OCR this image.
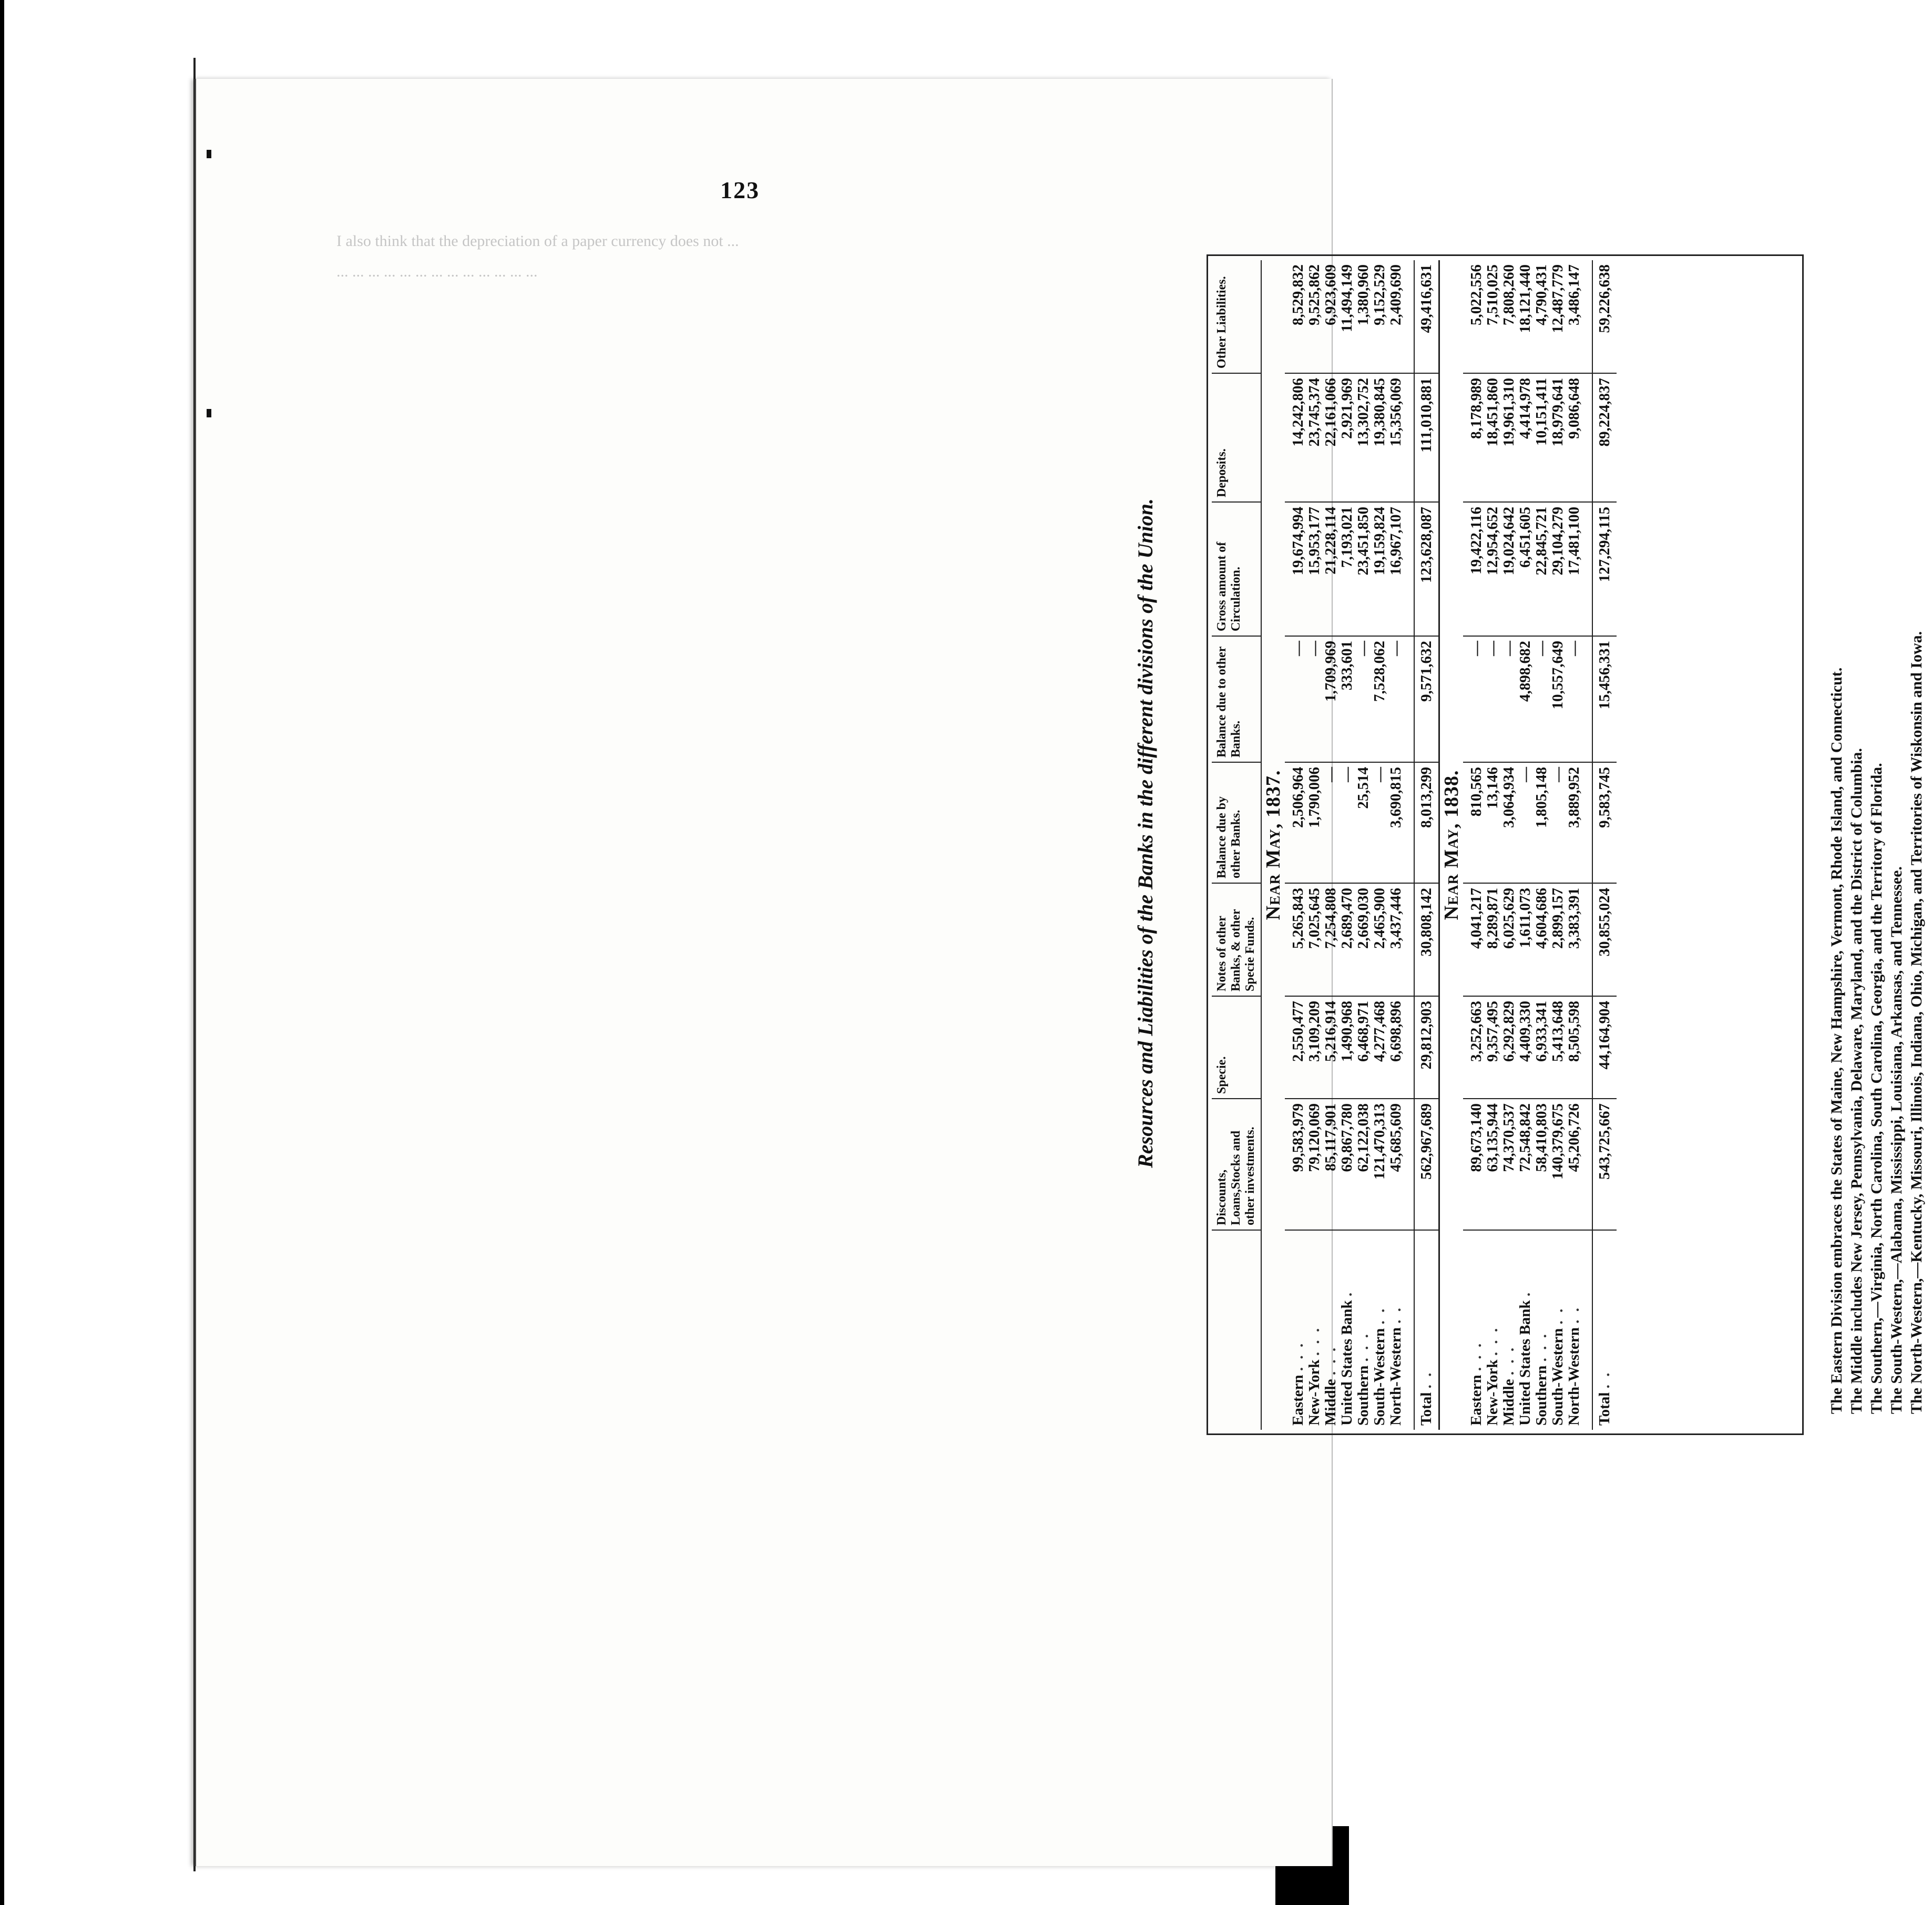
123
I also think that the depreciation of a paper currency does not ...
... ... ... ... ... ... ... ... ... ... ... ... ...
Resources and Liabilities of the Banks in the different divisions of the Union.
	Discounts, Loans,Stocks and other investments.	Specie.	Notes of other Banks, & other Specie Funds.	Balance due by other Banks.	Balance due to other Banks.	Gross amount of Circulation.	Deposits.	Other Liabilities.
Near May, 1837.								
Eastern . . .	99,583,979	2,550,477	5,265,843	2,506,964	—	19,674,994	14,242,806	8,529,832
New-York . . .	79,120,069	3,109,209	7,025,645	1,790,006	—	15,953,177	23,745,374	9,525,862
Middle . . .	85,117,901	5,216,914	7,254,808	—	1,709,969	21,228,114	22,161,066	6,923,609
United States Bank .	69,867,780	1,490,968	2,689,470	—	333,601	7,193,021	2,921,969	11,494,149
Southern . . .	62,122,038	6,468,971	2,669,030	25,514	—	23,451,850	13,302,752	1,380,960
South-Western . .	121,470,313	4,277,468	2,465,900	—	7,528,062	19,159,824	19,380,845	9,152,529
North-Western . .	45,685,609	6,698,896	3,437,446	3,690,815	—	16,967,107	15,356,069	2,409,690

Total . .	562,967,689	29,812,903	30,808,142	8,013,299	9,571,632	123,628,087	111,010,881	49,416,631
Near May, 1838.								
Eastern . . .	89,673,140	3,252,663	4,041,217	810,565	—	19,422,116	8,178,989	5,022,556
New-York . . .	63,135,944	9,357,495	8,289,871	13,146	—	12,954,652	18,451,860	7,510,025
Middle . . .	74,370,537	6,292,829	6,025,629	3,064,934	—	19,024,642	19,961,310	7,808,260
United States Bank .	72,548,842	4,409,330	1,611,073	—	4,898,682	6,451,605	4,414,978	18,121,440
Southern . . .	58,410,803	6,933,341	4,604,686	1,805,148	—	22,845,721	10,151,411	4,790,431
South-Western . .	140,379,675	5,413,648	2,899,157	—	10,557,649	29,104,279	18,979,641	12,487,779
North-Western . .	45,206,726	8,505,598	3,383,391	3,889,952	—	17,481,100	9,086,648	3,486,147

Total . .	543,725,667	44,164,904	30,855,024	9,583,745	15,456,331	127,294,115	89,224,837	59,226,638
The Eastern Division embraces the States of Maine, New Hampshire, Vermont, Rhode Island, and Connecticut. The Middle includes New Jersey, Pennsylvania, Delaware, Maryland, and the District of Columbia. The Southern,—Virginia, North Carolina, South Carolina, Georgia, and the Territory of Florida. The South-Western,—Alabama, Mississippi, Louisiana, Arkansas, and Tennessee. The North-Western,—Kentucky, Missouri, Illinois, Indiana, Ohio, Michigan, and Territories of Wiskonsin and Iowa.
